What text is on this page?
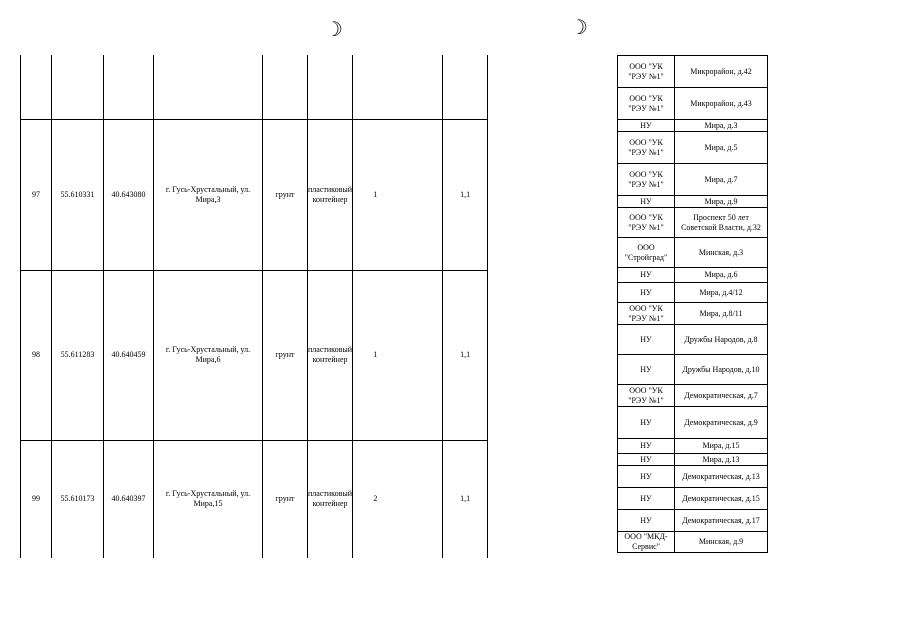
☽	☽

97	55.610331	40.643080	г. Гусь-Хрустальный, ул. Мира,3	грунт	пластиковый контейнер	1		1,1
98	55.611283	40.640459	г. Гусь-Хрустальный, ул. Мира,6	грунт	пластиковый контейнер	1		1,1
99	55.610173	40.640397	г. Гусь-Хрустальный, ул. Мира,15	грунт	пластиковый контейнер	2		1,1
ООО "УК "РЭУ №1"	Микрорайон, д.42
ООО "УК "РЭУ №1"	Микрорайон, д.43
НУ	Мира, д.3
ООО "УК "РЭУ №1"	Мира, д.5
ООО "УК "РЭУ №1"	Мира, д.7
НУ	Мира, д.9
ООО "УК "РЭУ №1"	Проспект 50 лет Советской Власти, д.32
ООО "Стройград"	Минская, д.3
НУ	Мира, д.6
НУ	Мира, д.4/12
ООО "УК "РЭУ №1"	Мира, д.8/11
НУ	Дружбы Народов, д.8
НУ	Дружбы Народов, д.10
ООО "УК "РЭУ №1"	Демократическая, д.7
НУ	Демократическая, д.9
НУ	Мира, д.15
НУ	Мира, д.13
НУ	Демократическая, д.13
НУ	Демократическая, д.15
НУ	Демократическая, д.17
ООО "МКД-Сервис"	Минская, д.9
